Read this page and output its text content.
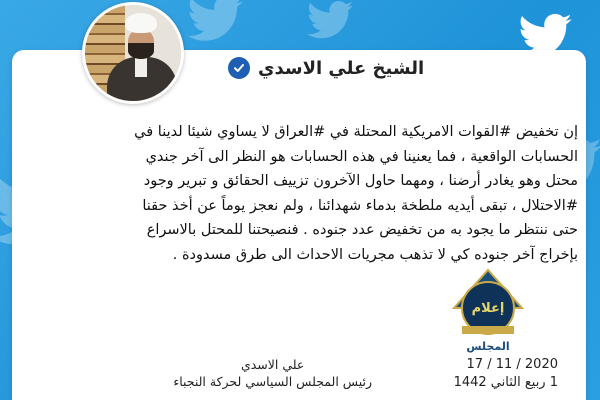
الشيخ علي الاسدي
إن تخفيض #القوات الامريكية المحتلة في #العراق لا يساوي شيئا لدينا في
الحسابات الواقعية ، فما يعنينا في هذه الحسابات هو النظر الى آخر جندي
محتل وهو يغادر أرضنا ، ومهما حاول الآخرون تزييف الحقائق و تبرير وجود
#الاحتلال ، تبقى أيديه ملطخة بدماء شهدائنا ، ولم نعجز يوماً عن أخذ حقنا
حتى ننتظر ما يجود به من تخفيض عدد جنوده . فنصيحتنا للمحتل بالاسراع
بإخراج آخر جنوده كي لا تذهب مجريات الاحداث الى طرق مسدودة .
إعلام
المجلس
علي الاسدي
رئيس المجلس السياسي لحركة النجباء
17 / 11 / 2020
1 ربيع الثاني 1442
